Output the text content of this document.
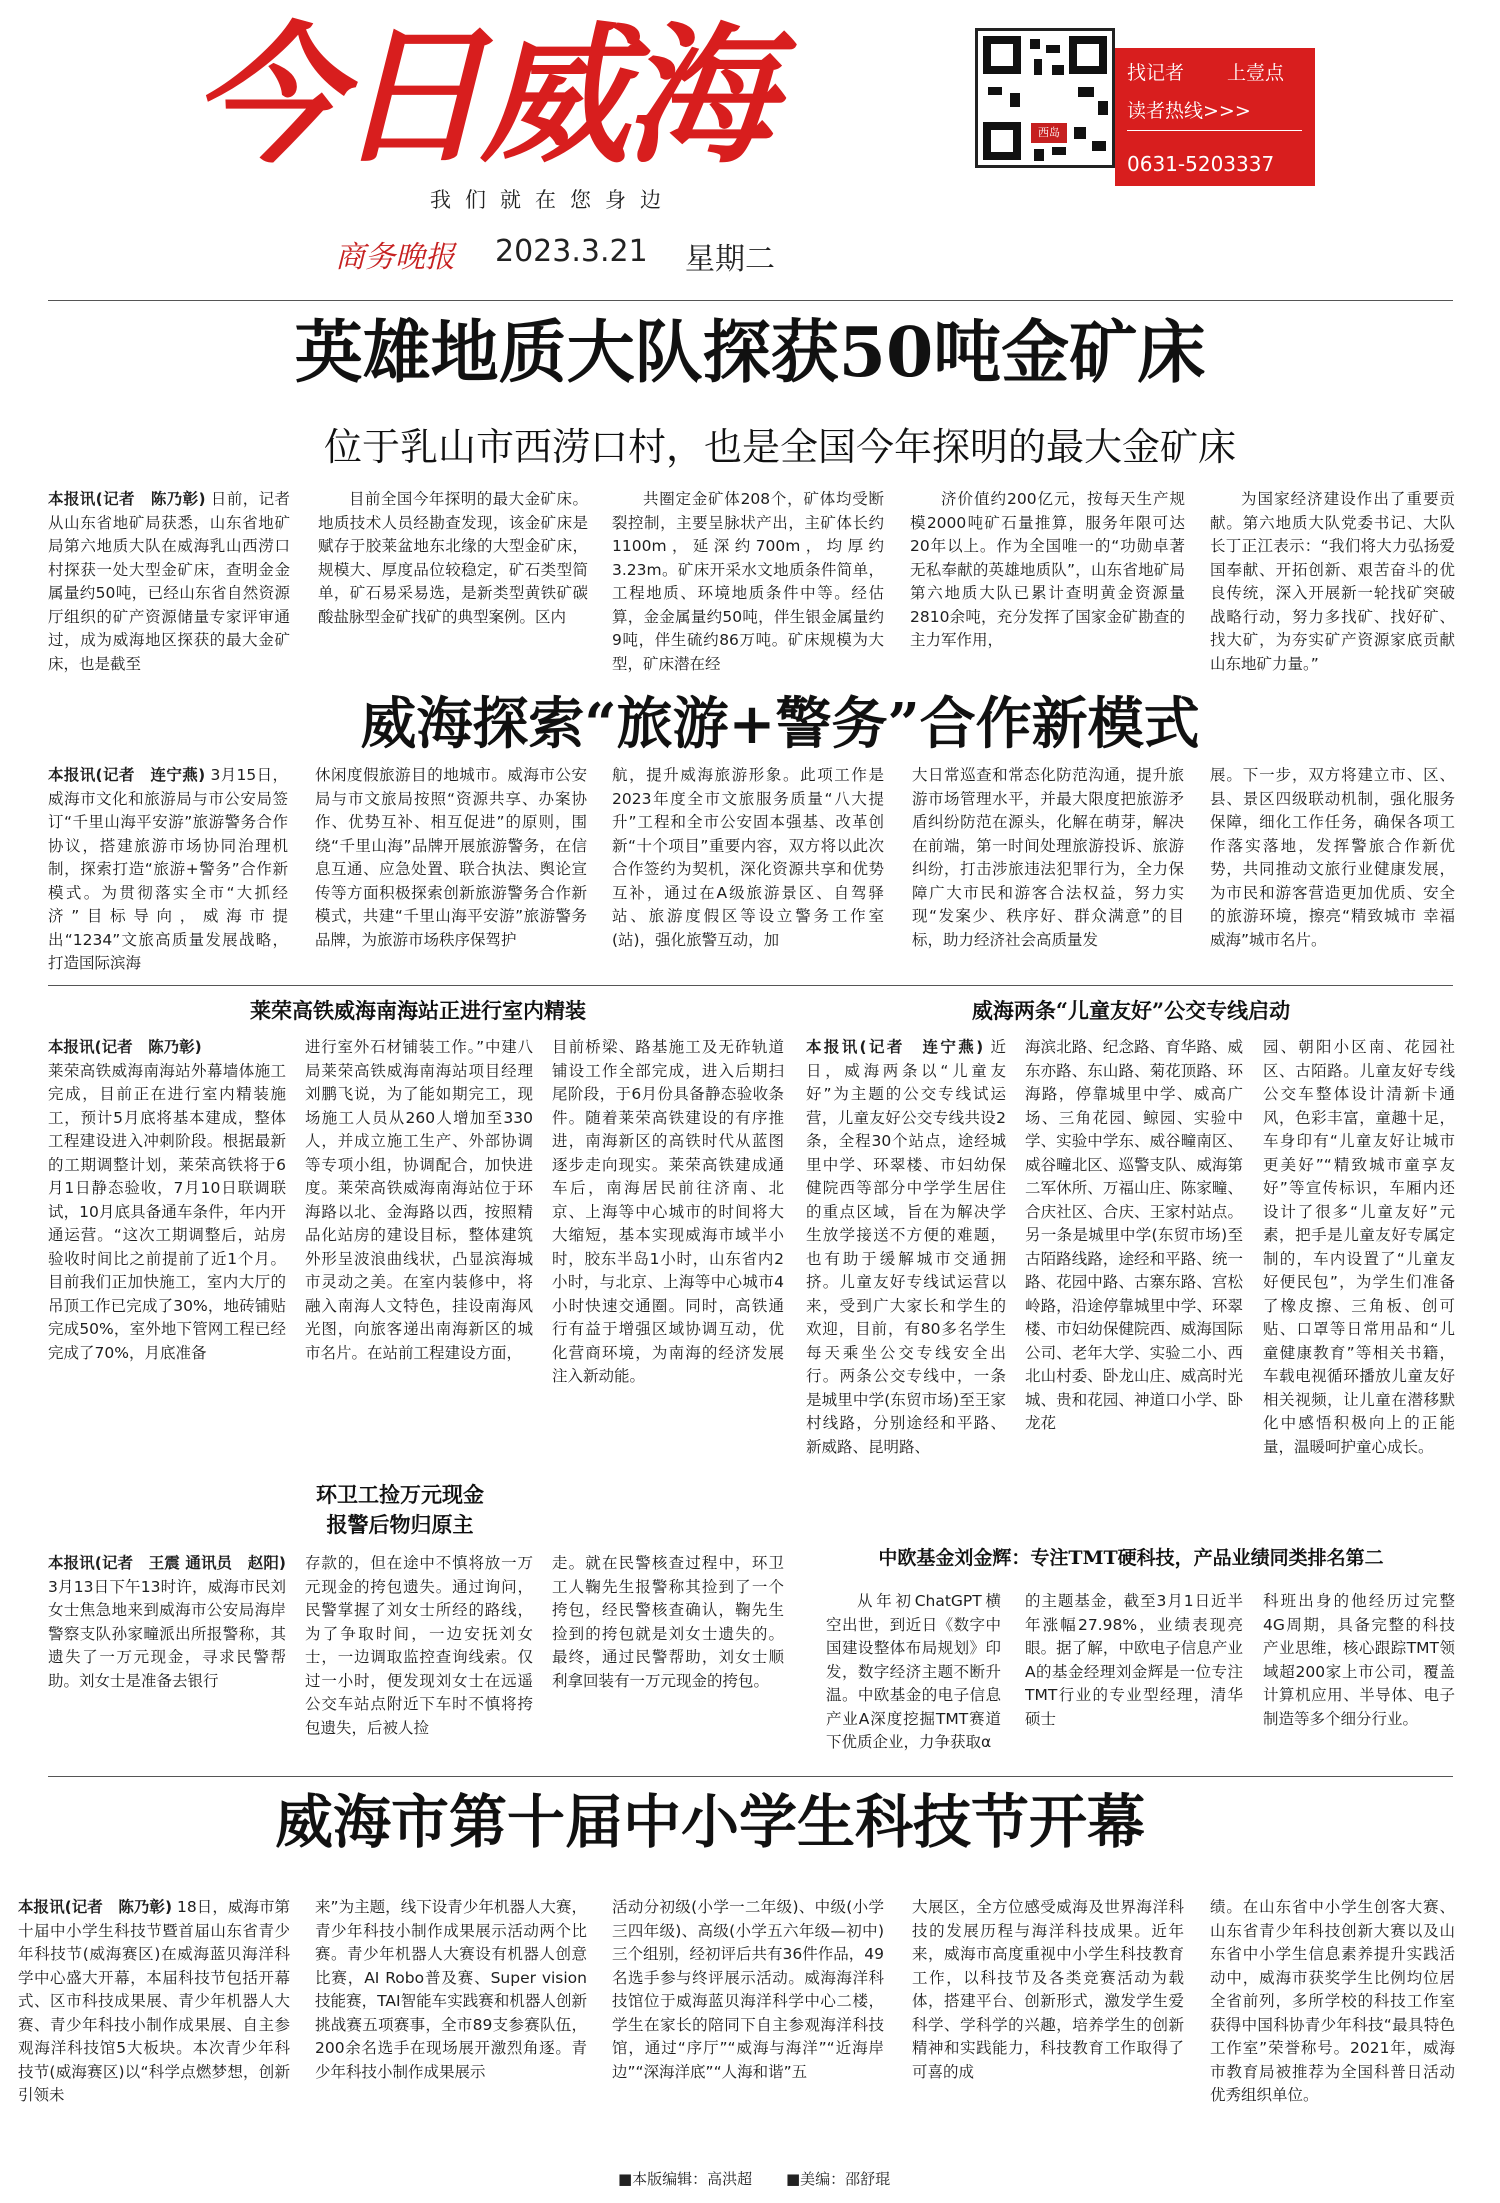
今日威海
我们就在您身边
商务晚报 2023.3.21 星期二
西岛
找记者 上壹点
读者热线>>>
0631-5203337
英雄地质大队探获50吨金矿床
位于乳山市西涝口村，也是全国今年探明的最大金矿床
本报讯(记者　陈乃彰) 日前，记者从山东省地矿局获悉，山东省地矿局第六地质大队在威海乳山西涝口村探获一处大型金矿床，查明金金属量约50吨，已经山东省自然资源厅组织的矿产资源储量专家评审通过，成为威海地区探获的最大金矿床，也是截至

目前全国今年探明的最大金矿床。地质技术人员经勘查发现，该金矿床是赋存于胶莱盆地东北缘的大型金矿床，规模大、厚度品位较稳定，矿石类型简单，矿石易采易选，是新类型黄铁矿碳酸盐脉型金矿找矿的典型案例。区内

共圈定金矿体208个，矿体均受断裂控制，主要呈脉状产出，主矿体长约1100m，延深约700m，均厚约3.23m。矿床开采水文地质条件简单，工程地质、环境地质条件中等。经估算，金金属量约50吨，伴生银金属量约9吨，伴生硫约86万吨。矿床规模为大型，矿床潜在经

济价值约200亿元，按每天生产规模2000吨矿石量推算，服务年限可达20年以上。作为全国唯一的“功勋卓著无私奉献的英雄地质队”，山东省地矿局第六地质大队已累计查明黄金资源量2810余吨，充分发挥了国家金矿勘查的主力军作用，

为国家经济建设作出了重要贡献。第六地质大队党委书记、大队长丁正江表示：“我们将大力弘扬爱国奉献、开拓创新、艰苦奋斗的优良传统，深入开展新一轮找矿突破战略行动，努力多找矿、找好矿、找大矿，为夯实矿产资源家底贡献山东地矿力量。”

威海探索“旅游+警务”合作新模式
本报讯(记者　连宁燕) 3月15日，威海市文化和旅游局与市公安局签订“千里山海平安游”旅游警务合作协议，搭建旅游市场协同治理机制，探索打造“旅游+警务”合作新模式。为贯彻落实全市“大抓经济”目标导向，威海市提出“1234”文旅高质量发展战略，打造国际滨海
休闲度假旅游目的地城市。威海市公安局与市文旅局按照“资源共享、办案协作、优势互补、相互促进”的原则，围绕“千里山海”品牌开展旅游警务，在信息互通、应急处置、联合执法、舆论宣传等方面积极探索创新旅游警务合作新模式，共建“千里山海平安游”旅游警务品牌，为旅游市场秩序保驾护
航，提升威海旅游形象。此项工作是2023年度全市文旅服务质量“八大提升”工程和全市公安固本强基、改革创新“十个项目”重要内容，双方将以此次合作签约为契机，深化资源共享和优势互补，通过在A级旅游景区、自驾驿站、旅游度假区等设立警务工作室(站)，强化旅警互动，加
大日常巡查和常态化防范沟通，提升旅游市场管理水平，并最大限度把旅游矛盾纠纷防范在源头，化解在萌芽，解决在前端，第一时间处理旅游投诉、旅游纠纷，打击涉旅违法犯罪行为，全力保障广大市民和游客合法权益，努力实现“发案少、秩序好、群众满意”的目标，助力经济社会高质量发
展。下一步，双方将建立市、区、县、景区四级联动机制，强化服务保障，细化工作任务，确保各项工作落实落地，发挥警旅合作新优势，共同推动文旅行业健康发展，为市民和游客营造更加优质、安全的旅游环境，擦亮“精致城市 幸福威海”城市名片。
莱荣高铁威海南海站正进行室内精装
本报讯(记者　陈乃彰)
莱荣高铁威海南海站外幕墙体施工完成，目前正在进行室内精装施工，预计5月底将基本建成，整体工程建设进入冲刺阶段。根据最新的工期调整计划，莱荣高铁将于6月1日静态验收，7月10日联调联试，10月底具备通车条件，年内开通运营。“这次工期调整后，站房验收时间比之前提前了近1个月。目前我们正加快施工，室内大厅的吊顶工作已完成了30%，地砖铺贴完成50%，室外地下管网工程已经完成了70%，月底准备
进行室外石材铺装工作。”中建八局莱荣高铁威海南海站项目经理刘鹏飞说，为了能如期完工，现场施工人员从260人增加至330人，并成立施工生产、外部协调等专项小组，协调配合，加快进度。莱荣高铁威海南海站位于环海路以北、金海路以西，按照精品化站房的建设目标，整体建筑外形呈波浪曲线状，凸显滨海城市灵动之美。在室内装修中，将融入南海人文特色，挂设南海风光图，向旅客递出南海新区的城市名片。在站前工程建设方面，
目前桥梁、路基施工及无砟轨道铺设工作全部完成，进入后期扫尾阶段，于6月份具备静态验收条件。随着莱荣高铁建设的有序推进，南海新区的高铁时代从蓝图逐步走向现实。莱荣高铁建成通车后，南海居民前往济南、北京、上海等中心城市的时间将大大缩短，基本实现威海市域半小时，胶东半岛1小时，山东省内2小时，与北京、上海等中心城市4小时快速交通圈。同时，高铁通行有益于增强区域协调互动，优化营商环境，为南海的经济发展注入新动能。
威海两条“儿童友好”公交专线启动
本报讯(记者　连宁燕) 近日，威海两条以“儿童友好”为主题的公交专线试运营，儿童友好公交专线共设2条，全程30个站点，途经城里中学、环翠楼、市妇幼保健院西等部分中学学生居住的重点区域，旨在为解决学生放学接送不方便的难题，也有助于缓解城市交通拥挤。儿童友好专线试运营以来，受到广大家长和学生的欢迎，目前，有80多名学生每天乘坐公交专线安全出行。两条公交专线中，一条是城里中学(东贸市场)至王家村线路，分别途经和平路、新威路、昆明路、
海滨北路、纪念路、育华路、威东亦路、东山路、菊花顶路、环海路，停靠城里中学、威高广场、三角花园、鲸园、实验中学、实验中学东、威谷疃南区、威谷疃北区、巡警支队、威海第二军休所、万福山庄、陈家疃、合庆社区、合庆、王家村站点。另一条是城里中学(东贸市场)至古陌路线路，途经和平路、统一路、花园中路、古寨东路、宫松岭路，沿途停靠城里中学、环翠楼、市妇幼保健院西、威海国际公司、老年大学、实验二小、西北山村委、卧龙山庄、威高时光城、贵和花园、神道口小学、卧龙花
园、朝阳小区南、花园社区、古陌路。儿童友好专线公交车整体设计清新卡通风，色彩丰富，童趣十足，车身印有“儿童友好让城市更美好”“精致城市童享友好”等宣传标识，车厢内还设计了很多“儿童友好”元素，把手是儿童友好专属定制的，车内设置了“儿童友好便民包”，为学生们准备了橡皮擦、三角板、创可贴、口罩等日常用品和“儿童健康教育”等相关书籍，车载电视循环播放儿童友好相关视频，让儿童在潜移默化中感悟积极向上的正能量，温暖呵护童心成长。
环卫工捡万元现金
报警后物归原主
本报讯(记者　王震 通讯员　赵阳) 3月13日下午13时许，威海市民刘女士焦急地来到威海市公安局海岸警察支队孙家疃派出所报警称，其遗失了一万元现金，寻求民警帮助。刘女士是准备去银行
存款的，但在途中不慎将放一万元现金的挎包遗失。通过询问，民警掌握了刘女士所经的路线，为了争取时间，一边安抚刘女士，一边调取监控查询线索。仅过一小时，便发现刘女士在远遥公交车站点附近下车时不慎将挎包遗失，后被人捡
走。就在民警核查过程中，环卫工人鞠先生报警称其捡到了一个挎包，经民警核查确认，鞠先生捡到的挎包就是刘女士遗失的。最终，通过民警帮助，刘女士顺利拿回装有一万元现金的挎包。
中欧基金刘金辉：专注TMT硬科技，产品业绩同类排名第二

从年初ChatGPT横空出世，到近日《数字中国建设整体布局规划》印发，数字经济主题不断升温。中欧基金的电子信息产业A深度挖掘TMT赛道下优质企业，力争获取α

的主题基金，截至3月1日近半年涨幅27.98%，业绩表现亮眼。据了解，中欧电子信息产业A的基金经理刘金辉是一位专注TMT行业的专业型经理，清华硕士
科班出身的他经历过完整4G周期，具备完整的科技产业思维，核心跟踪TMT领域超200家上市公司，覆盖计算机应用、半导体、电子制造等多个细分行业。
威海市第十届中小学生科技节开幕
本报讯(记者　陈乃彰) 18日，威海市第十届中小学生科技节暨首届山东省青少年科技节(威海赛区)在威海蓝贝海洋科学中心盛大开幕，本届科技节包括开幕式、区市科技成果展、青少年机器人大赛、青少年科技小制作成果展、自主参观海洋科技馆5大板块。本次青少年科技节(威海赛区)以“科学点燃梦想，创新引领未
来”为主题，线下设青少年机器人大赛，青少年科技小制作成果展示活动两个比赛。青少年机器人大赛设有机器人创意比赛，AI Robo普及赛、Super vision技能赛，TAI智能车实践赛和机器人创新挑战赛五项赛事，全市89支参赛队伍，200余名选手在现场展开激烈角逐。青少年科技小制作成果展示
活动分初级(小学一二年级)、中级(小学三四年级)、高级(小学五六年级—初中)三个组别，经初评后共有36件作品，49名选手参与终评展示活动。威海海洋科技馆位于威海蓝贝海洋科学中心二楼，学生在家长的陪同下自主参观海洋科技馆，通过“序厅”“威海与海洋”“近海岸边”“深海洋底”“人海和谐”五
大展区，全方位感受威海及世界海洋科技的发展历程与海洋科技成果。近年来，威海市高度重视中小学生科技教育工作，以科技节及各类竞赛活动为载体，搭建平台、创新形式，激发学生爱科学、学科学的兴趣，培养学生的创新精神和实践能力，科技教育工作取得了可喜的成
绩。在山东省中小学生创客大赛、山东省青少年科技创新大赛以及山东省中小学生信息素养提升实践活动中，威海市获奖学生比例均位居全省前列，多所学校的科技工作室获得中国科协青少年科技“最具特色工作室”荣誉称号。2021年，威海市教育局被推荐为全国科普日活动优秀组织单位。
■本版编辑：高洪超 ■美编：邵舒琨
